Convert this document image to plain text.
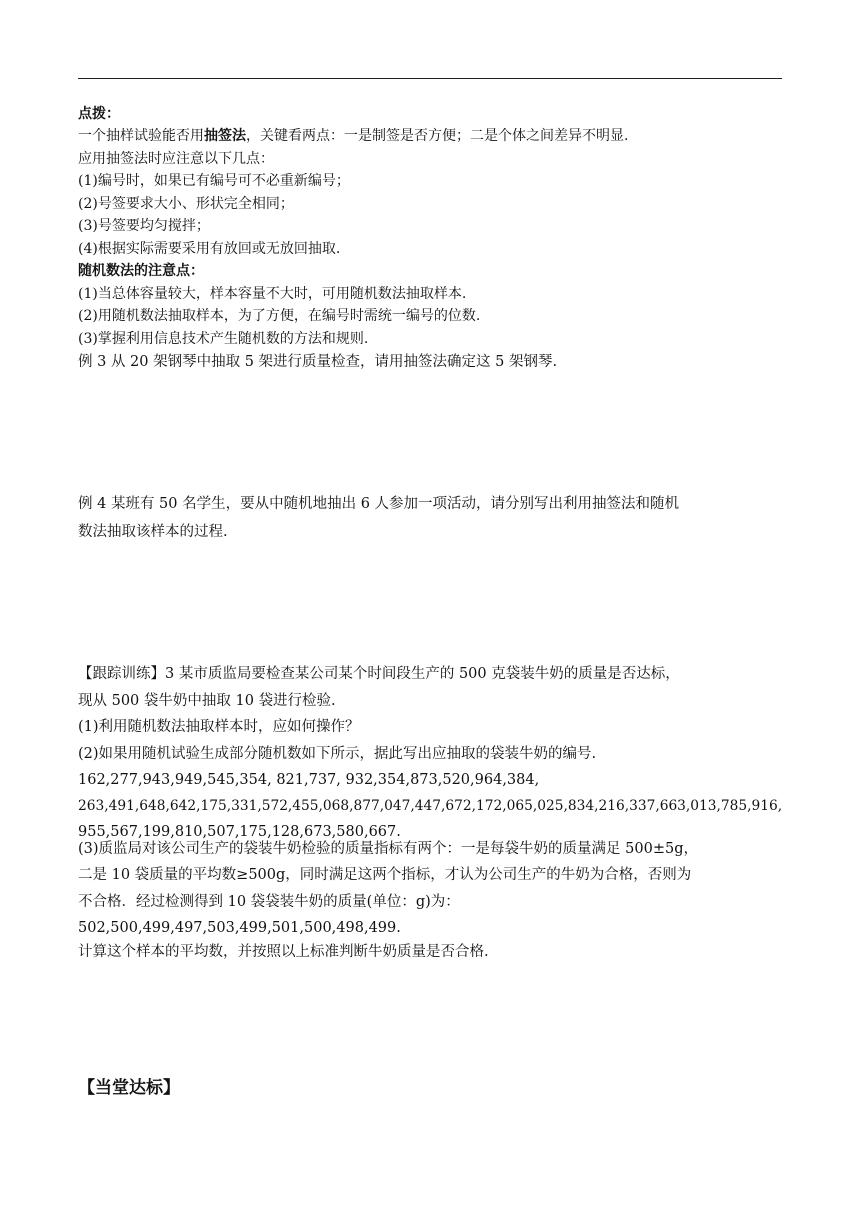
点拨：
一个抽样试验能否用抽签法，关键看两点：一是制签是否方便；二是个体之间差异不明显.
应用抽签法时应注意以下几点：
(1)编号时，如果已有编号可不必重新编号；
(2)号签要求大小、形状完全相同；
(3)号签要均匀搅拌；
(4)根据实际需要采用有放回或无放回抽取.
随机数法的注意点：
(1)当总体容量较大，样本容量不大时，可用随机数法抽取样本.
(2)用随机数法抽取样本，为了方便，在编号时需统一编号的位数.
(3)掌握利用信息技术产生随机数的方法和规则.
例 3 从 20 架钢琴中抽取 5 架进行质量检查，请用抽签法确定这 5 架钢琴.
例 4 某班有 50 名学生，要从中随机地抽出 6 人参加一项活动，请分别写出利用抽签法和随机
数法抽取该样本的过程.
【跟踪训练】3 某市质监局要检查某公司某个时间段生产的 500 克袋装牛奶的质量是否达标，
现从 500 袋牛奶中抽取 10 袋进行检验.
(1)利用随机数法抽取样本时，应如何操作？
(2)如果用随机试验生成部分随机数如下所示，据此写出应抽取的袋装牛奶的编号.
162,277,943,949,545,354, 821,737, 932,354,873,520,964,384,
263,491,648,642,175,331,572,455,068,877,047,447,672,172,065,025,834,216,337,663,013,785,916,
955,567,199,810,507,175,128,673,580,667.
(3)质监局对该公司生产的袋装牛奶检验的质量指标有两个：一是每袋牛奶的质量满足 500±5g，
二是 10 袋质量的平均数≥500g，同时满足这两个指标，才认为公司生产的牛奶为合格，否则为
不合格．经过检测得到 10 袋袋装牛奶的质量(单位：g)为：
502,500,499,497,503,499,501,500,498,499.
计算这个样本的平均数，并按照以上标准判断牛奶质量是否合格.
【当堂达标】
